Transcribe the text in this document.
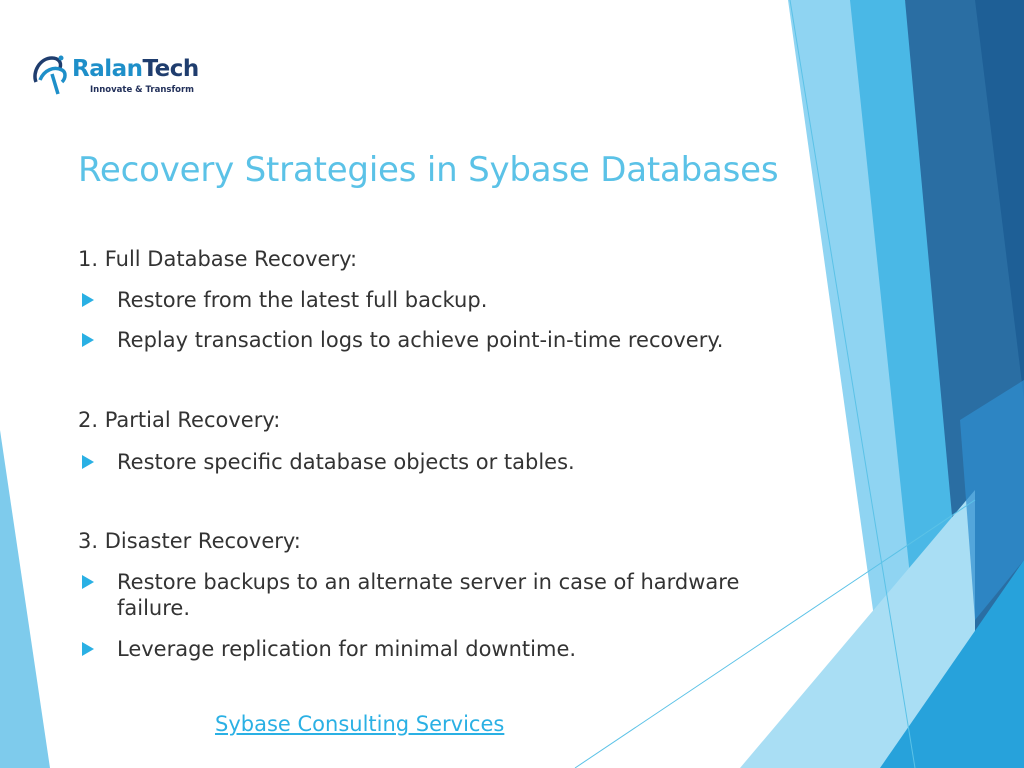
RalanTech
Innovate & Transform
Recovery Strategies in Sybase Databases
1. Full Database Recovery:
Restore from the latest full backup.
Replay transaction logs to achieve point-in-time recovery.
2. Partial Recovery:
Restore specific database objects or tables.
3. Disaster Recovery:
Restore backups to an alternate server in case of hardware failure.
Leverage replication for minimal downtime.
Sybase Consulting Services
